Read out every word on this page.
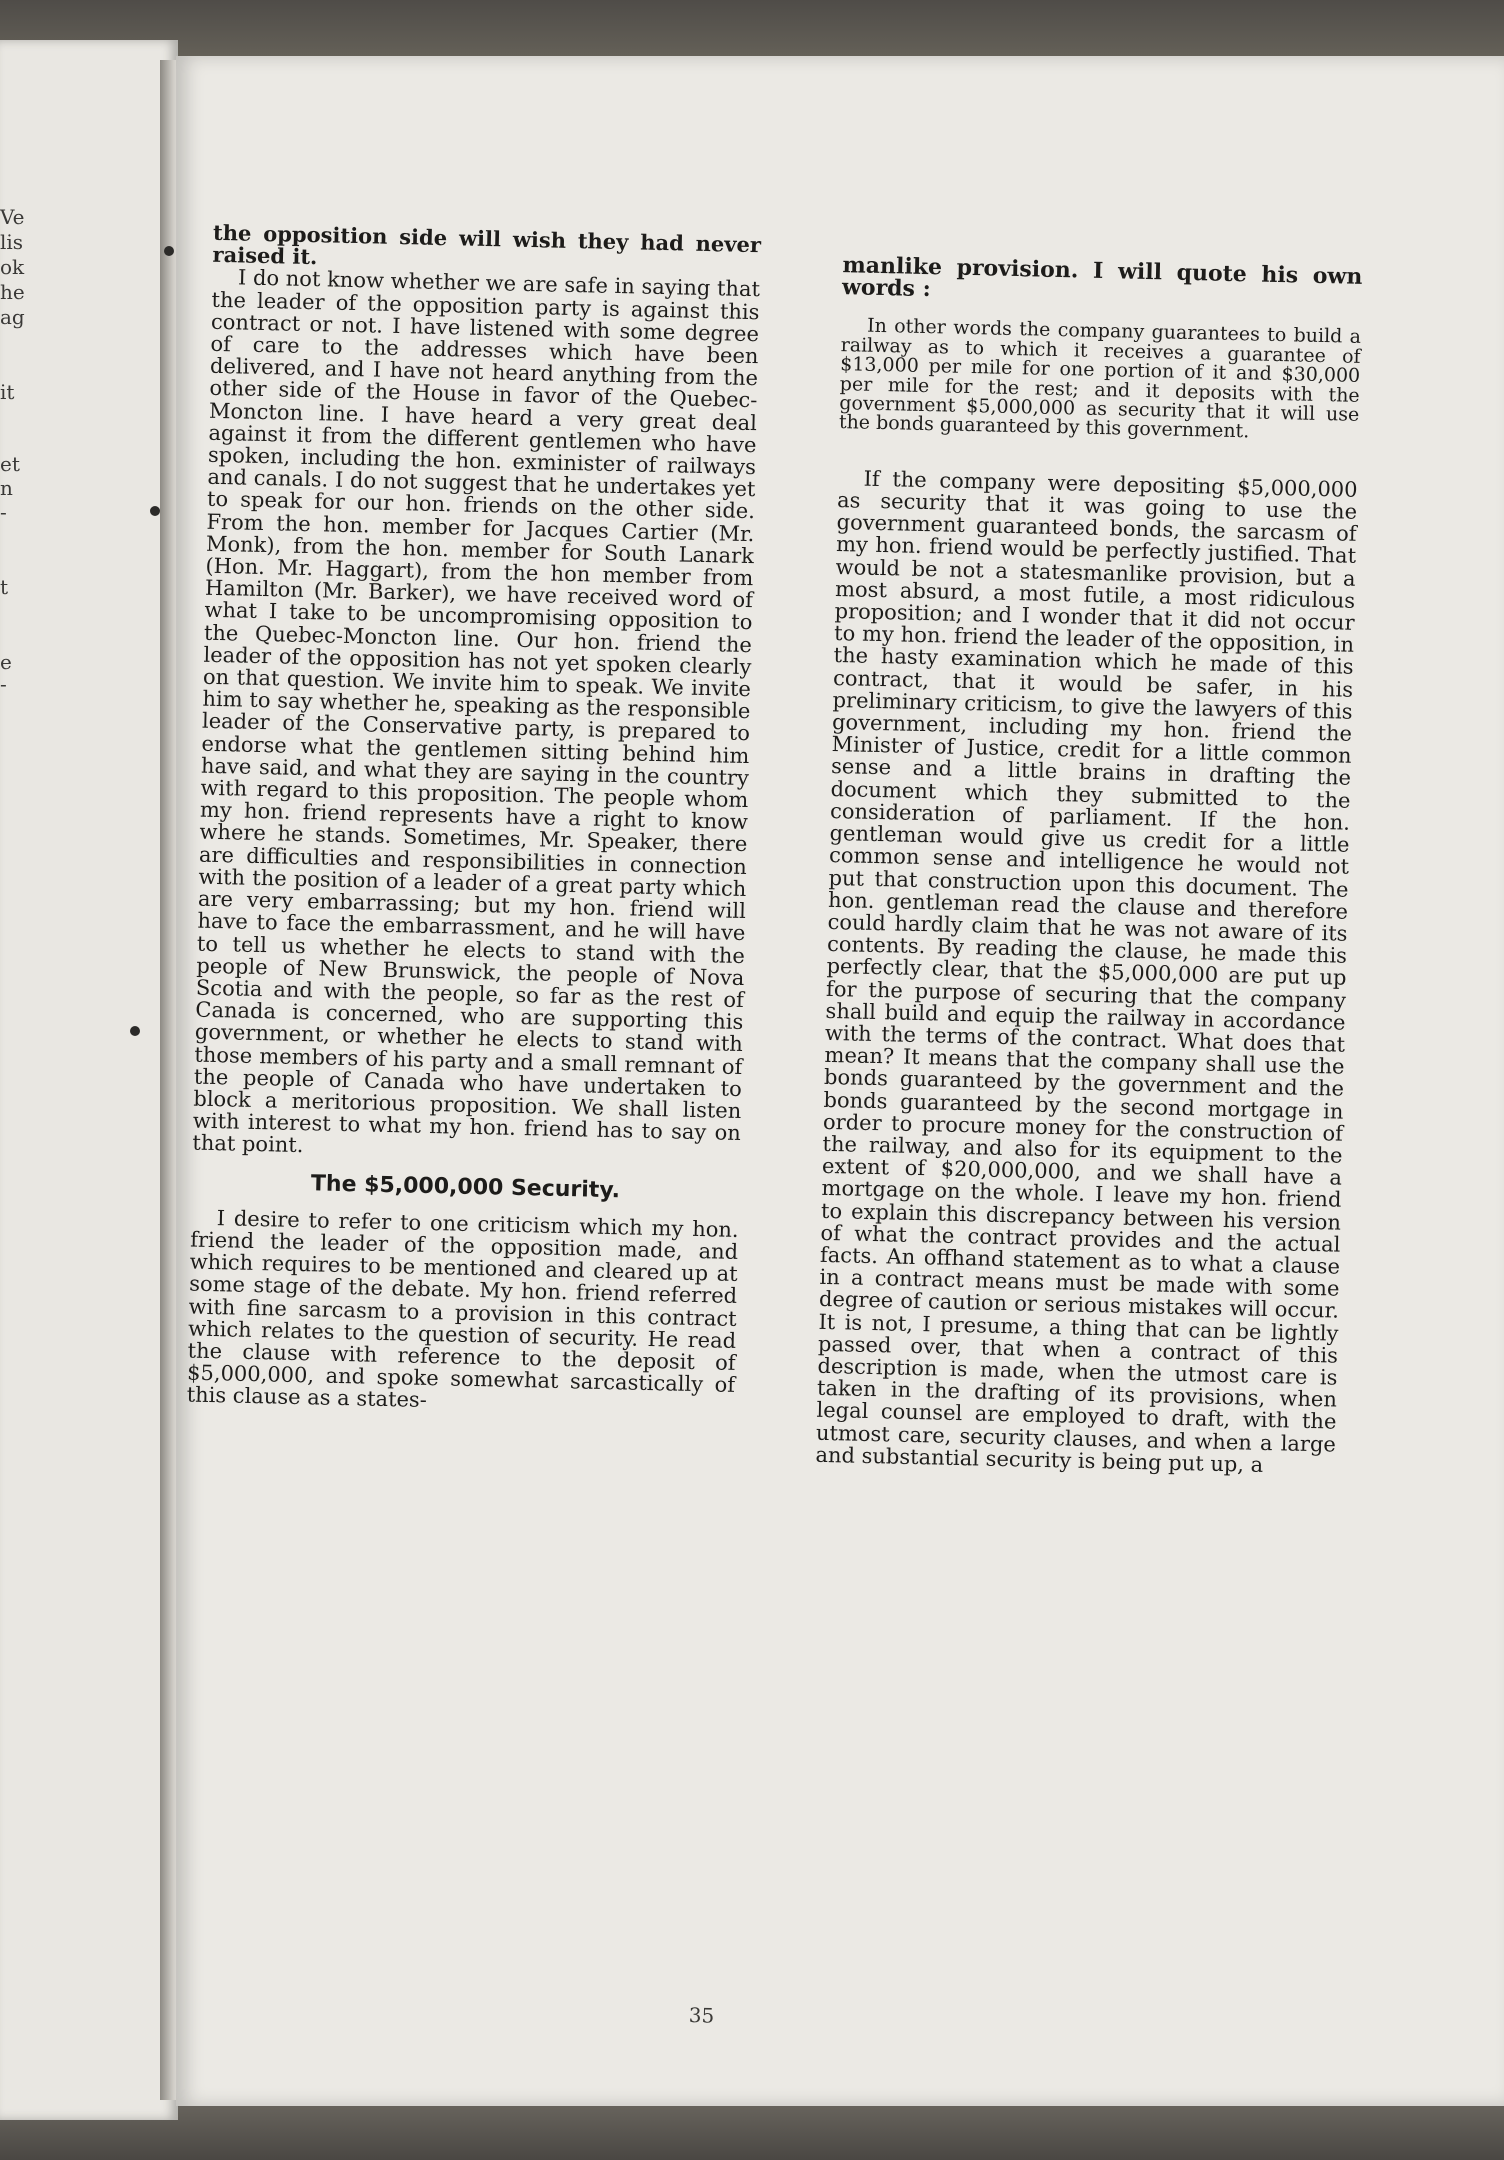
Ve
lis
ok
he
ag
it
et
n
-
t
e
-

the opposition side will wish they had never raised it.

I do not know whether we are safe in saying that the leader of the opposition party is against this contract or not. I have listened with some degree of care to the addresses which have been delivered, and I have not heard anything from the other side of the House in favor of the Quebec-Moncton line. I have heard a very great deal against it from the different gentlemen who have spoken, including the hon. exminister of railways and canals. I do not suggest that he undertakes yet to speak for our hon. friends on the other side. From the hon. member for Jacques Cartier (Mr. Monk), from the hon. member for South Lanark (Hon. Mr. Haggart), from the hon member from Hamilton (Mr. Barker), we have received word of what I take to be uncompromising opposition to the Quebec-Moncton line. Our hon. friend the leader of the opposition has not yet spoken clearly on that question. We invite him to speak. We invite him to say whether he, speaking as the responsible leader of the Conservative party, is prepared to endorse what the gentlemen sitting behind him have said, and what they are saying in the country with regard to this proposition. The people whom my hon. friend represents have a right to know where he stands. Sometimes, Mr. Speaker, there are difficulties and responsibilities in connection with the position of a leader of a great party which are very embarrassing; but my hon. friend will have to face the embarrassment, and he will have to tell us whether he elects to stand with the people of New Brunswick, the people of Nova Scotia and with the people, so far as the rest of Canada is concerned, who are supporting this government, or whether he elects to stand with those members of his party and a small remnant of the people of Canada who have undertaken to block a meritorious proposition. We shall listen with interest to what my hon. friend has to say on that point.

The $5,000,000 Security.

I desire to refer to one criticism which my hon. friend the leader of the opposition made, and which requires to be mentioned and cleared up at some stage of the debate. My hon. friend referred with fine sarcasm to a provision in this contract which relates to the question of security. He read the clause with reference to the deposit of $5,000,000, and spoke somewhat sarcastically of this clause as a states-

manlike provision. I will quote his own words :

In other words the company guarantees to build a railway as to which it receives a guarantee of $13,000 per mile for one portion of it and $30,000 per mile for the rest; and it deposits with the government $5,000,000 as security that it will use the bonds guaranteed by this government.

If the company were depositing $5,000,000 as security that it was going to use the government guaranteed bonds, the sarcasm of my hon. friend would be perfectly justified. That would be not a statesmanlike provision, but a most absurd, a most futile, a most ridiculous proposition; and I wonder that it did not occur to my hon. friend the leader of the opposition, in the hasty examination which he made of this contract, that it would be safer, in his preliminary criticism, to give the lawyers of this government, including my hon. friend the Minister of Justice, credit for a little common sense and a little brains in drafting the document which they submitted to the consideration of parliament. If the hon. gentleman would give us credit for a little common sense and intelligence he would not put that construction upon this document. The hon. gentleman read the clause and therefore could hardly claim that he was not aware of its contents. By reading the clause, he made this perfectly clear, that the $5,000,000 are put up for the purpose of securing that the company shall build and equip the railway in accordance with the terms of the contract. What does that mean? It means that the company shall use the bonds guaranteed by the government and the bonds guaranteed by the second mortgage in order to procure money for the construction of the railway, and also for its equipment to the extent of $20,000,000, and we shall have a mortgage on the whole. I leave my hon. friend to explain this discrepancy between his version of what the contract provides and the actual facts. An offhand statement as to what a clause in a contract means must be made with some degree of caution or serious mistakes will occur. It is not, I presume, a thing that can be lightly passed over, that when a contract of this description is made, when the utmost care is taken in the drafting of its provisions, when legal counsel are employed to draft, with the utmost care, security clauses, and when a large and substantial security is being put up, a

35
